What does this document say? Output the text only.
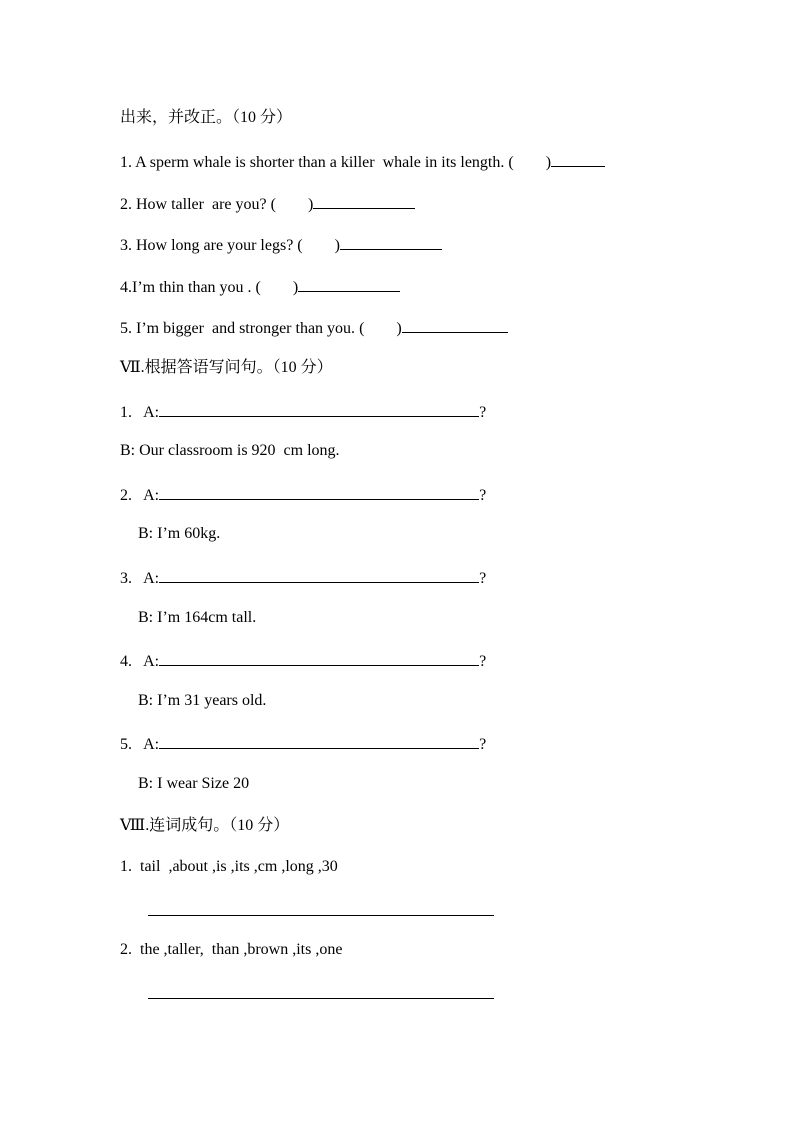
出来，并改正。（10 分）
1. A sperm whale is shorter than a killer  whale in its length. (        )
2. How taller  are you? (        )
3. How long are your legs? (        )
4.I’m thin than you . (        )
5. I’m bigger  and stronger than you. (        )
Ⅶ.根据答语写问句。（10 分）
1.   A:	?
B: Our classroom is 920  cm long.
2.   A:	?
B: I’m 60kg.
3.   A:	?
B: I’m 164cm tall.
4.   A:	?
B: I’m 31 years old.
5.   A:	?
B: I wear Size 20
Ⅷ.连词成句。（10 分）
1.  tail  ,about ,is ,its ,cm ,long ,30
2.  the ,taller,  than ,brown ,its ,one
